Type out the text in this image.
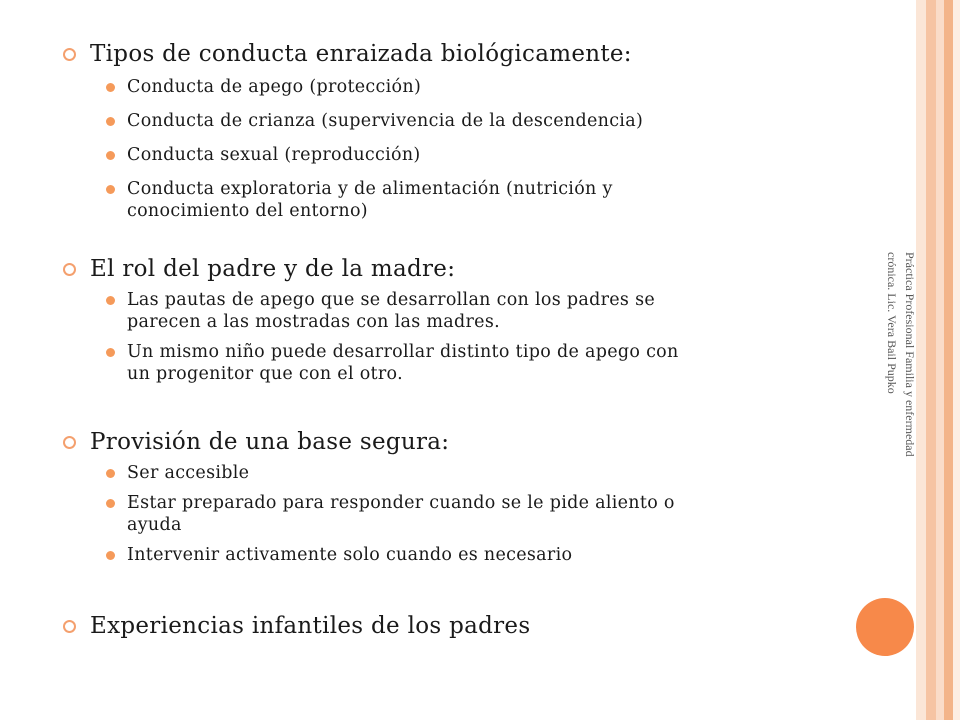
Tipos de conducta enraizada biológicamente:
Conducta de apego (protección)
Conducta de crianza (supervivencia de la descendencia)
Conducta sexual (reproducción)
Conducta exploratoria y de alimentación (nutrición y
conocimiento del entorno)
El rol del padre y de la madre:
Las pautas de apego que se desarrollan con los padres se
parecen a las mostradas con las madres.
Un mismo niño puede desarrollar distinto tipo de apego con
un progenitor que con el otro.
Provisión de una base segura:
Ser accesible
Estar preparado para responder cuando se le pide aliento o
ayuda
Intervenir activamente solo cuando es necesario
Experiencias infantiles de los padres
Práctica Profesional Familia y enfermedad
crónica. Lic. Vera Bail Pupko
